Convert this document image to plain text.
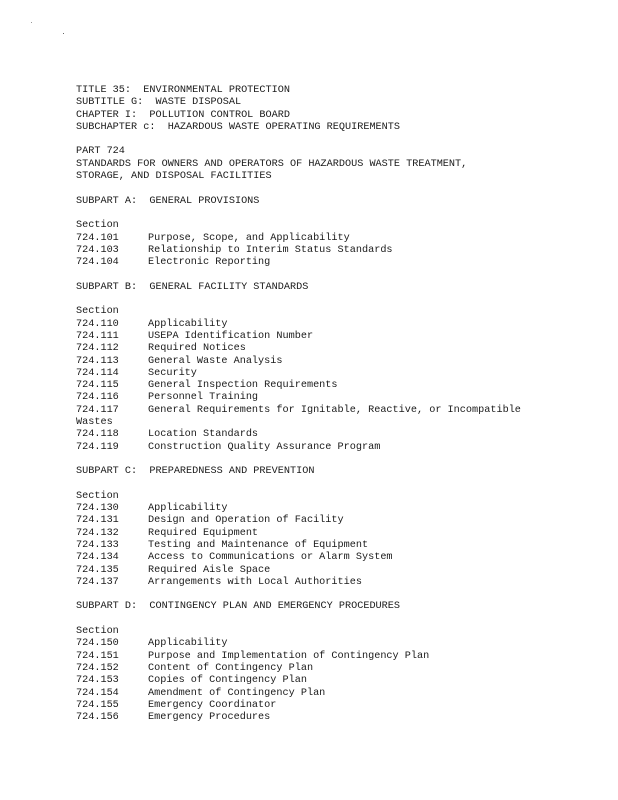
TITLE 35:  ENVIRONMENTAL PROTECTION
SUBTITLE G:  WASTE DISPOSAL
CHAPTER I:  POLLUTION CONTROL BOARD
SUBCHAPTER c:  HAZARDOUS WASTE OPERATING REQUIREMENTS
PART 724
STANDARDS FOR OWNERS AND OPERATORS OF HAZARDOUS WASTE TREATMENT,
STORAGE, AND DISPOSAL FACILITIES
SUBPART A:  GENERAL PROVISIONS
Section
724.101	Purpose, Scope, and Applicability
724.103	Relationship to Interim Status Standards
724.104	Electronic Reporting
SUBPART B:  GENERAL FACILITY STANDARDS
Section
724.110	Applicability
724.111	USEPA Identification Number
724.112	Required Notices
724.113	General Waste Analysis
724.114	Security
724.115	General Inspection Requirements
724.116	Personnel Training
724.117	General Requirements for Ignitable, Reactive, or Incompatible
Wastes
724.118	Location Standards
724.119	Construction Quality Assurance Program
SUBPART C:  PREPAREDNESS AND PREVENTION
Section
724.130	Applicability
724.131	Design and Operation of Facility
724.132	Required Equipment
724.133	Testing and Maintenance of Equipment
724.134	Access to Communications or Alarm System
724.135	Required Aisle Space
724.137	Arrangements with Local Authorities
SUBPART D:  CONTINGENCY PLAN AND EMERGENCY PROCEDURES
Section
724.150	Applicability
724.151	Purpose and Implementation of Contingency Plan
724.152	Content of Contingency Plan
724.153	Copies of Contingency Plan
724.154	Amendment of Contingency Plan
724.155	Emergency Coordinator
724.156	Emergency Procedures
